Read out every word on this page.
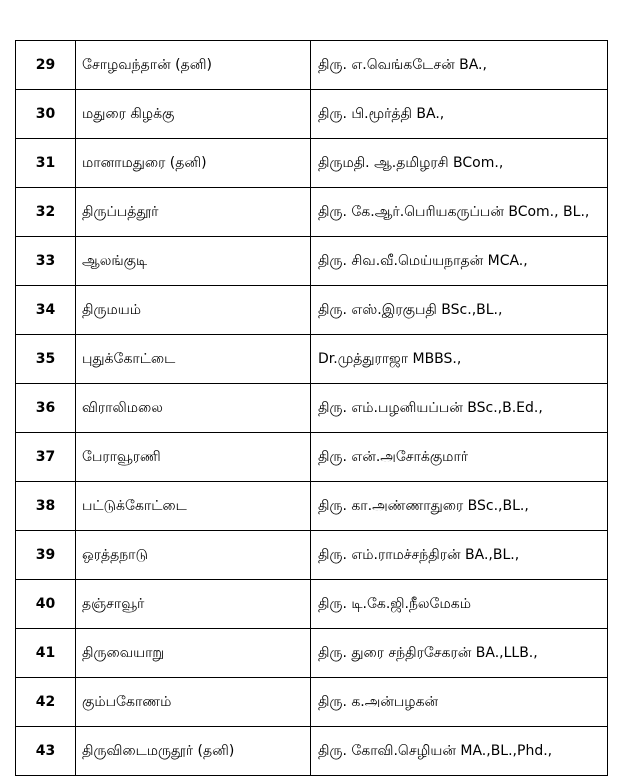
29	சோழவந்தான் (தனி)	திரு. எ.வெங்கடேசன் BA.,
30	மதுரை கிழக்கு	திரு. பி.மூர்த்தி BA.,
31	மானாமதுரை (தனி)	திருமதி. ஆ.தமிழரசி BCom.,
32	திருப்பத்தூர்	திரு. கே.ஆர்.பெரியகருப்பன் BCom., BL.,
33	ஆலங்குடி	திரு. சிவ.வீ.மெய்யநாதன் MCA.,
34	திருமயம்	திரு. எஸ்.இரகுபதி BSc.,BL.,
35	புதுக்கோட்டை	Dr.முத்துராஜா MBBS.,
36	விராலிமலை	திரு. எம்.பழனியப்பன் BSc.,B.Ed.,
37	பேராவூரணி	திரு. என்.அசோக்குமார்
38	பட்டுக்கோட்டை	திரு. கா.அண்ணாதுரை BSc.,BL.,
39	ஒரத்தநாடு	திரு. எம்.ராமச்சந்திரன் BA.,BL.,
40	தஞ்சாவூர்	திரு. டி.கே.ஜி.நீலமேகம்
41	திருவையாறு	திரு. துரை சந்திரசேகரன் BA.,LLB.,
42	கும்பகோணம்	திரு. க.அன்பழகன்
43	திருவிடைமருதூர் (தனி)	திரு. கோவி.செழியன் MA.,BL.,Phd.,
